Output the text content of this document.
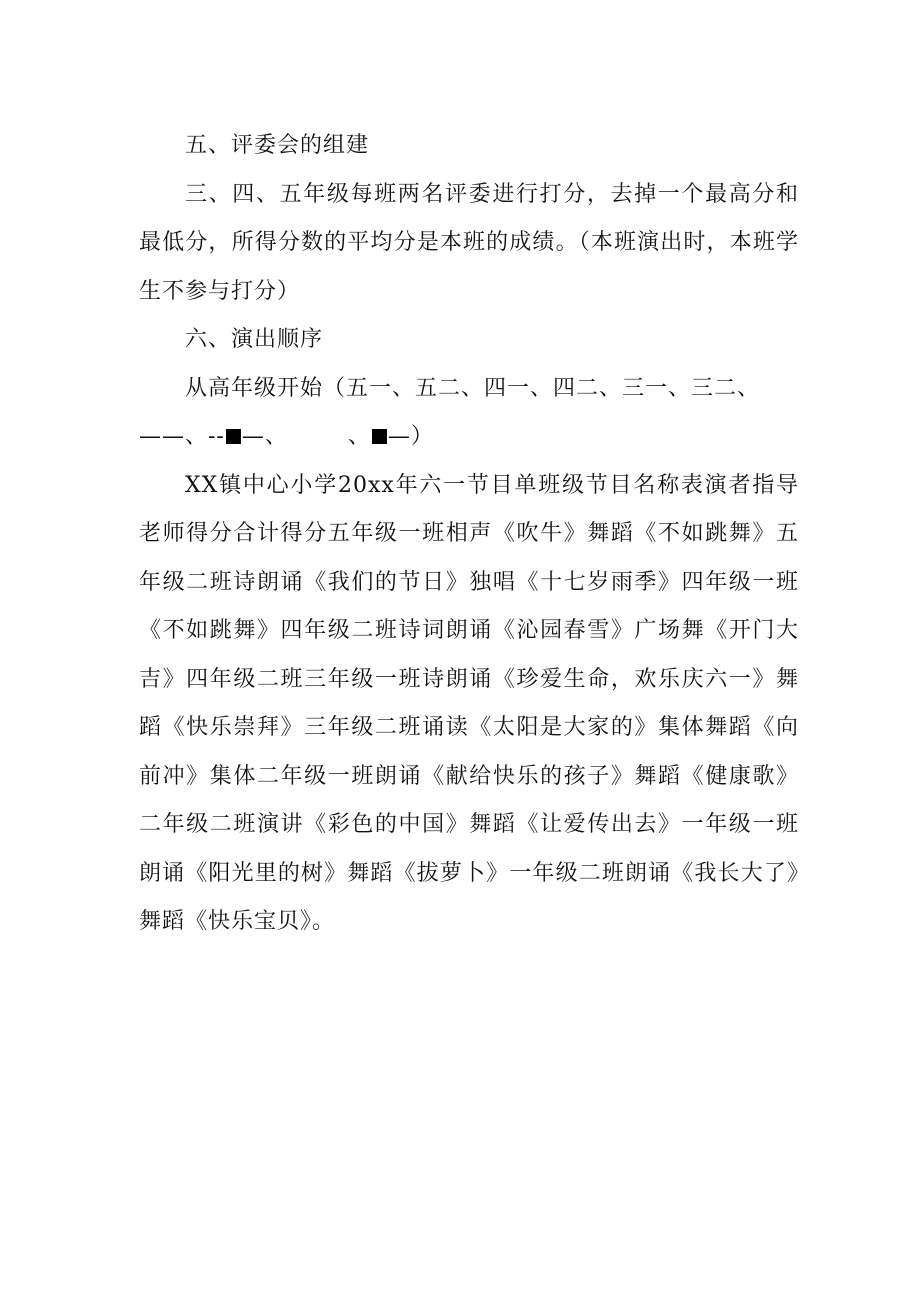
五、评委会的组建

三、四、五年级每班两名评委进行打分，去掉一个最高分和最低分，所得分数的平均分是本班的成绩。（本班演出时，本班学生不参与打分）

六、演出顺序

从高年级开始（五一、五二、四一、四二、三一、三二、
——、-- —、	、 —）

XX镇中心小学20xx年六一节目单班级节目名称表演者指导老师得分合计得分五年级一班相声《吹牛》舞蹈《不如跳舞》五年级二班诗朗诵《我们的节日》独唱《十七岁雨季》四年级一班《不如跳舞》四年级二班诗词朗诵《沁园春雪》广场舞《开门大吉》四年级二班三年级一班诗朗诵《珍爱生命，欢乐庆六一》舞蹈《快乐崇拜》三年级二班诵读《太阳是大家的》集体舞蹈《向前冲》集体二年级一班朗诵《献给快乐的孩子》舞蹈《健康歌》二年级二班演讲《彩色的中国》舞蹈《让爱传出去》一年级一班朗诵《阳光里的树》舞蹈《拔萝卜》一年级二班朗诵《我长大了》舞蹈《快乐宝贝》。
